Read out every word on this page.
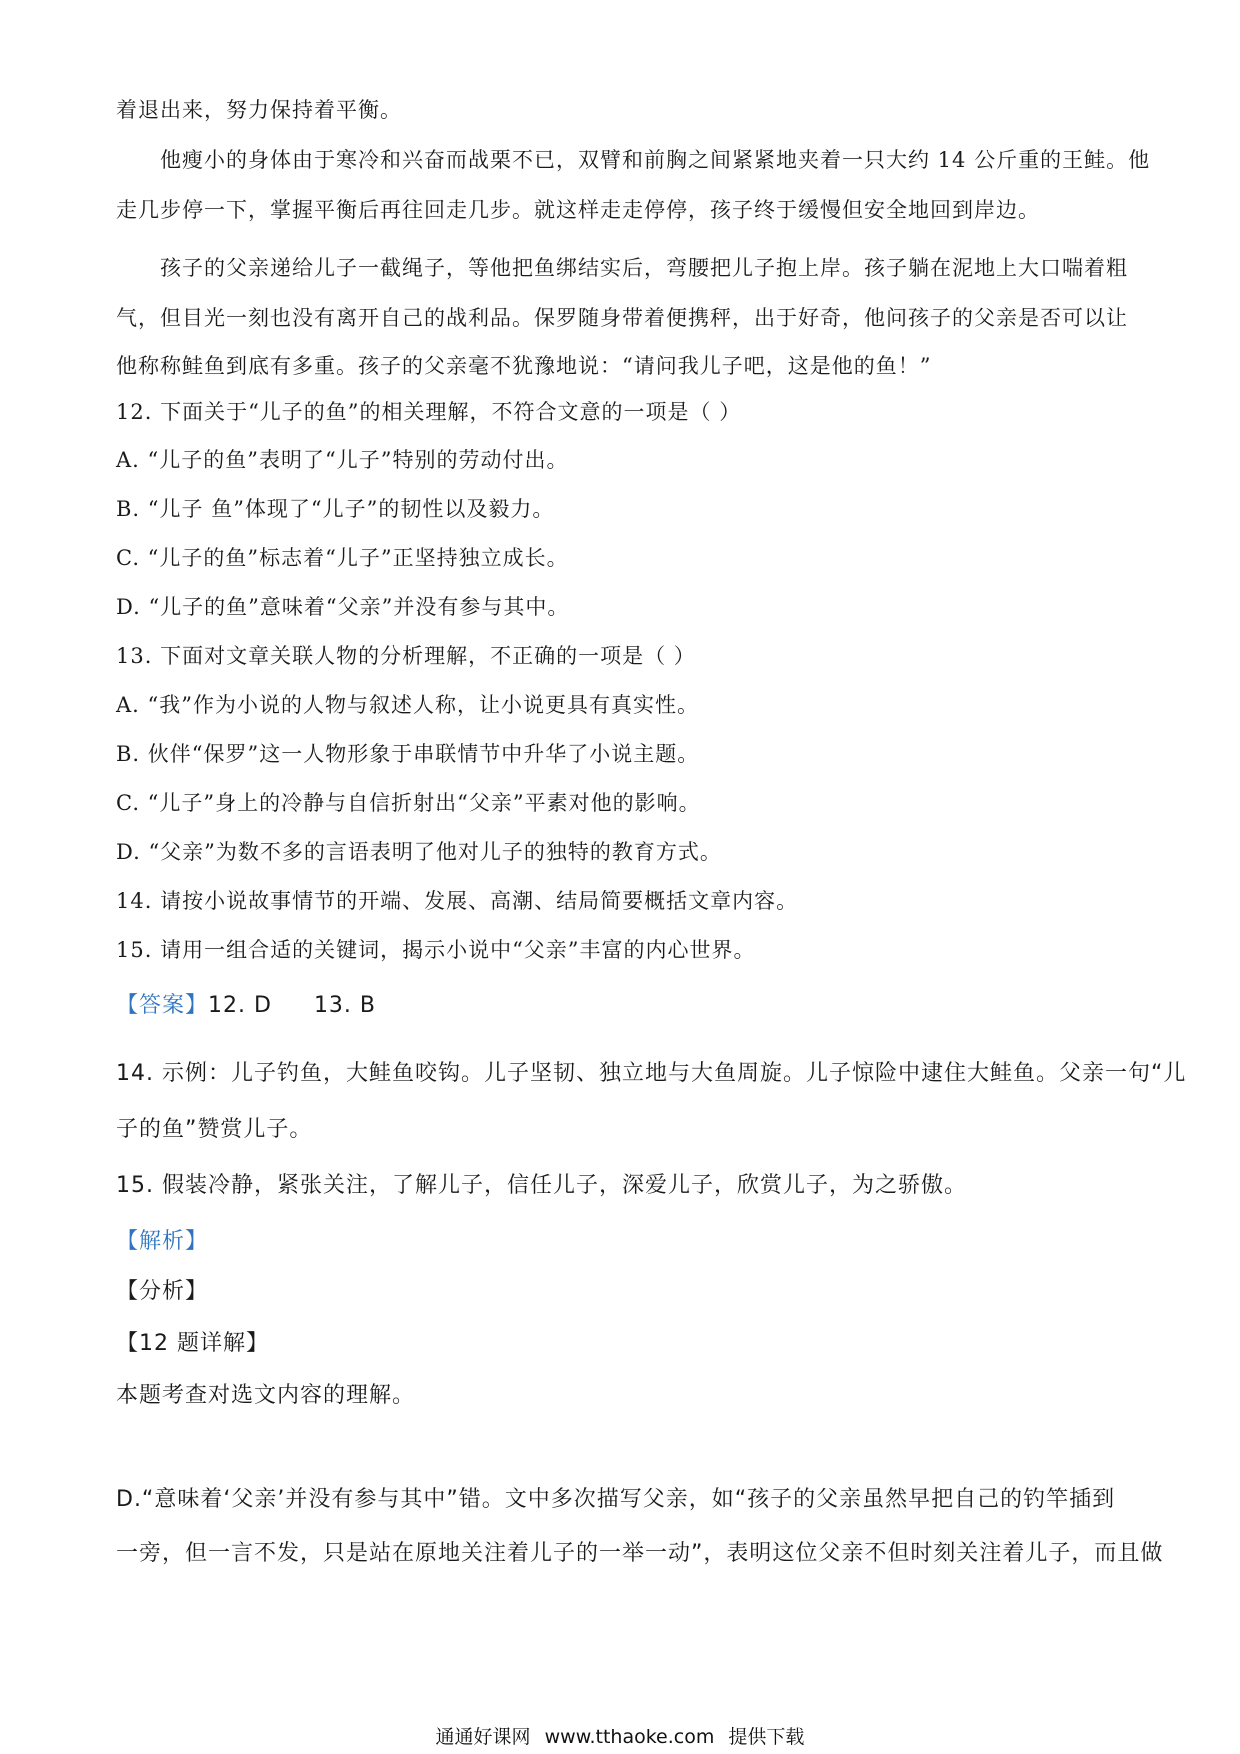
着退出来，努力保持着平衡。
他瘦小的身体由于寒冷和兴奋而战栗不已，双臂和前胸之间紧紧地夹着一只大约 14 公斤重的王鲑。他
走几步停一下，掌握平衡后再往回走几步。就这样走走停停，孩子终于缓慢但安全地回到岸边。
孩子的父亲递给儿子一截绳子，等他把鱼绑结实后，弯腰把儿子抱上岸。孩子躺在泥地上大口喘着粗
气，但目光一刻也没有离开自己的战利品。保罗随身带着便携秤，出于好奇，他问孩子的父亲是否可以让
他称称鲑鱼到底有多重。孩子的父亲毫不犹豫地说：“请问我儿子吧，这是他的鱼！”
12. 下面关于“儿子的鱼”的相关理解，不符合文意的一项是（ ）
A. “儿子的鱼”表明了“儿子”特别的劳动付出。
B. “儿子 鱼”体现了“儿子”的韧性以及毅力。
C. “儿子的鱼”标志着“儿子”正坚持独立成长。
D. “儿子的鱼”意味着“父亲”并没有参与其中。
13. 下面对文章关联人物的分析理解，不正确的一项是（ ）
A. “我”作为小说的人物与叙述人称，让小说更具有真实性。
B. 伙伴“保罗”这一人物形象于串联情节中升华了小说主题。
C. “儿子”身上的冷静与自信折射出“父亲”平素对他的影响。
D. “父亲”为数不多的言语表明了他对儿子的独特的教育方式。
14. 请按小说故事情节的开端、发展、高潮、结局简要概括文章内容。
15. 请用一组合适的关键词，揭示小说中“父亲”丰富的内心世界。
【答案】12. D 13. B
14. 示例：儿子钓鱼，大鲑鱼咬钩。儿子坚韧、独立地与大鱼周旋。儿子惊险中逮住大鲑鱼。父亲一句“儿
子的鱼”赞赏儿子。
15. 假装冷静，紧张关注，了解儿子，信任儿子，深爱儿子，欣赏儿子，为之骄傲。
【解析】
【分析】
【12 题详解】
本题考查对选文内容的理解。
D.“意味着‘父亲’并没有参与其中”错。文中多次描写父亲，如“孩子的父亲虽然早把自己的钓竿插到
一旁，但一言不发，只是站在原地关注着儿子的一举一动”，表明这位父亲不但时刻关注着儿子，而且做
通通好课网 www.tthaoke.com 提供下载
